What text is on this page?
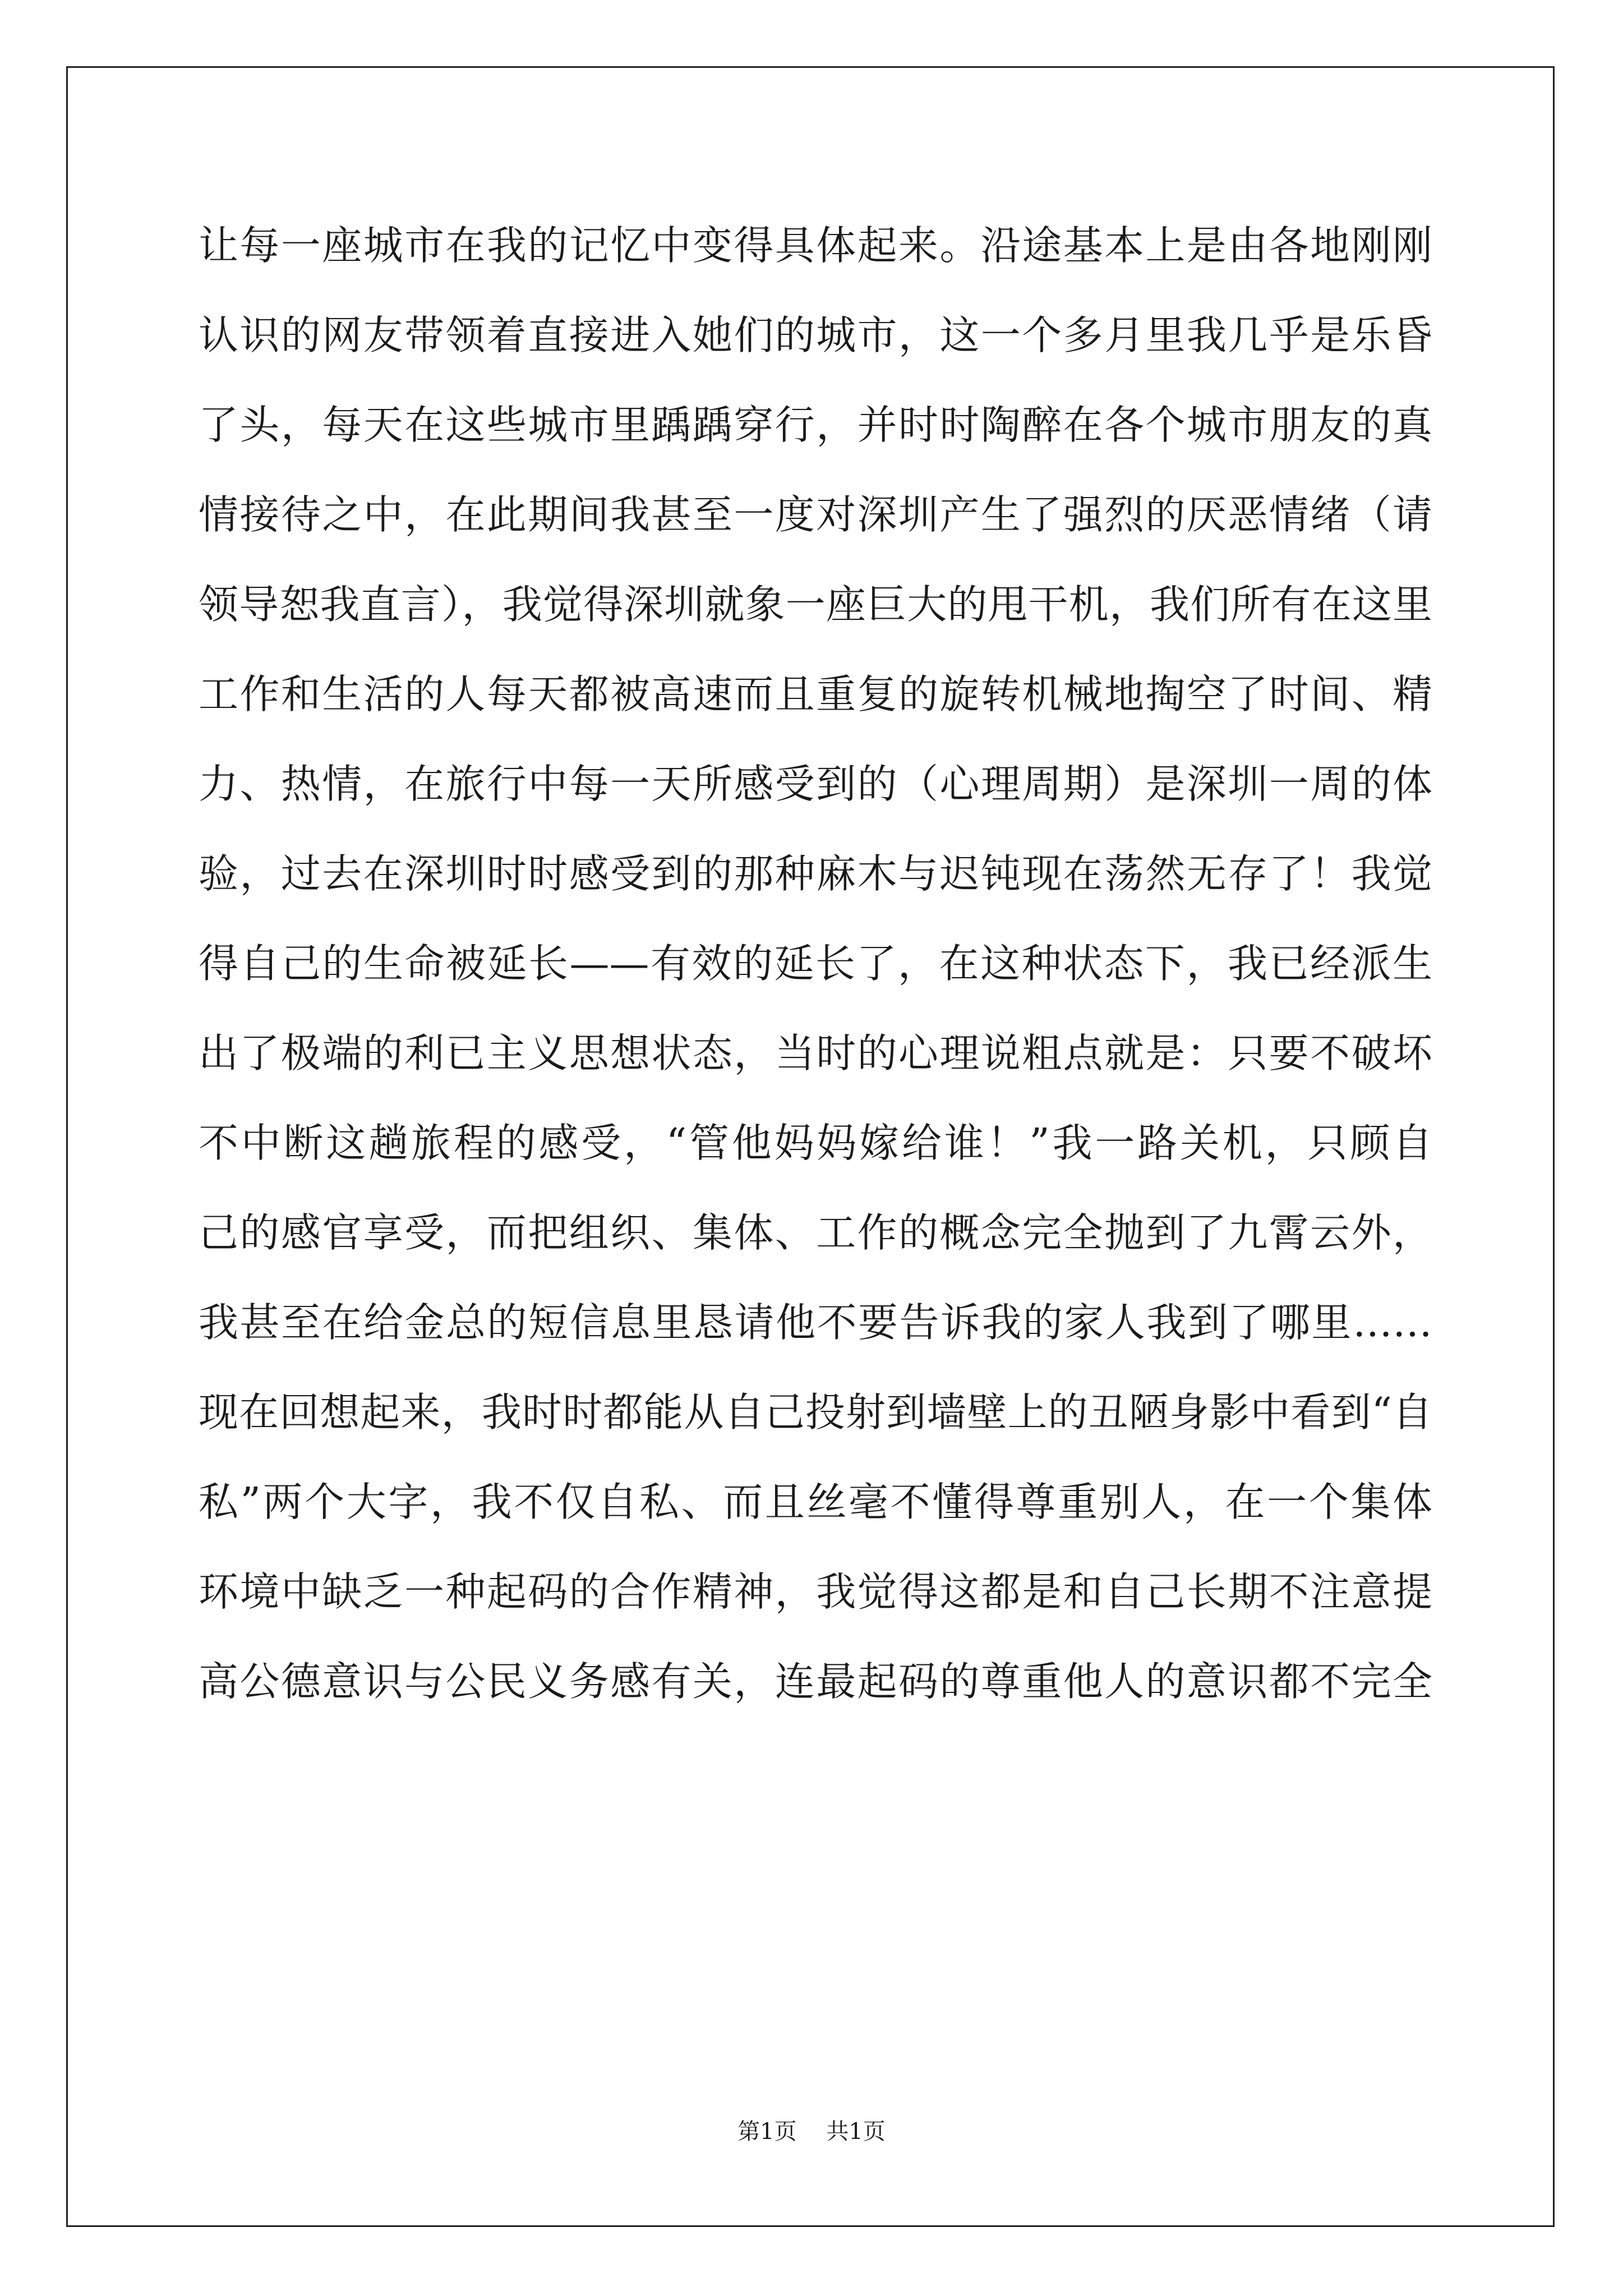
让每一座城市在我的记忆中变得具体起来。沿途基本上是由各地刚刚
认识的网友带领着直接进入她们的城市，这一个多月里我几乎是乐昏
了头，每天在这些城市里踽踽穿行，并时时陶醉在各个城市朋友的真
情接待之中，在此期间我甚至一度对深圳产生了强烈的厌恶情绪（请
领导恕我直言），我觉得深圳就象一座巨大的甩干机，我们所有在这里
工作和生活的人每天都被高速而且重复的旋转机械地掏空了时间、精
力、热情，在旅行中每一天所感受到的（心理周期）是深圳一周的体
验，过去在深圳时时感受到的那种麻木与迟钝现在荡然无存了！我觉
得自己的生命被延长——有效的延长了，在这种状态下，我已经派生
出了极端的利已主义思想状态，当时的心理说粗点就是：只要不破坏
不中断这趟旅程的感受，“管他妈妈嫁给谁！”我一路关机，只顾自
己的感官享受，而把组织、集体、工作的概念完全抛到了九霄云外，
我甚至在给金总的短信息里恳请他不要告诉我的家人我到了哪里……
现在回想起来，我时时都能从自己投射到墙壁上的丑陋身影中看到“自
私”两个大字，我不仅自私、而且丝毫不懂得尊重别人，在一个集体
环境中缺乏一种起码的合作精神，我觉得这都是和自己长期不注意提
高公德意识与公民义务感有关，连最起码的尊重他人的意识都不完全
第1页 共1页
